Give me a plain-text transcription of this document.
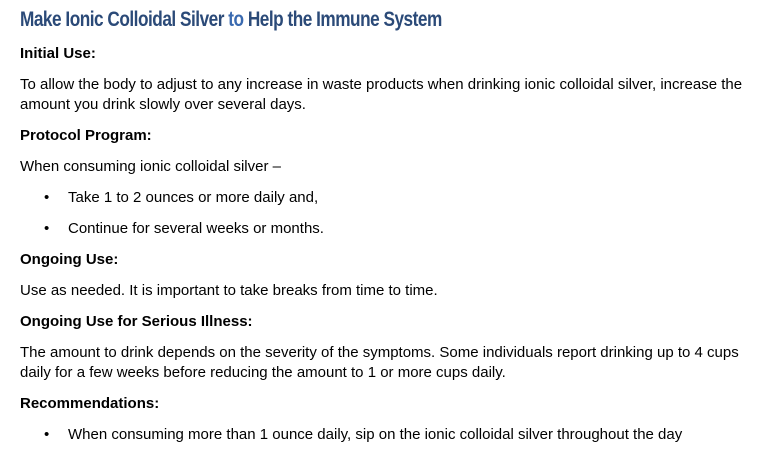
Make Ionic Colloidal Silver to Help the Immune System
Initial Use:

To allow the body to adjust to any increase in waste products when drinking ionic colloidal silver, increase the amount you drink slowly over several days.

Protocol Program:

When consuming ionic colloidal silver –

• Take 1 to 2 ounces or more daily and,
• Continue for several weeks or months.
Ongoing Use:

Use as needed. It is important to take breaks from time to time.

Ongoing Use for Serious Illness:

The amount to drink depends on the severity of the symptoms. Some individuals report drinking up to 4 cups daily for a few weeks before reducing the amount to 1 or more cups daily.

Recommendations:
• When consuming more than 1 ounce daily, sip on the ionic colloidal silver throughout the day
